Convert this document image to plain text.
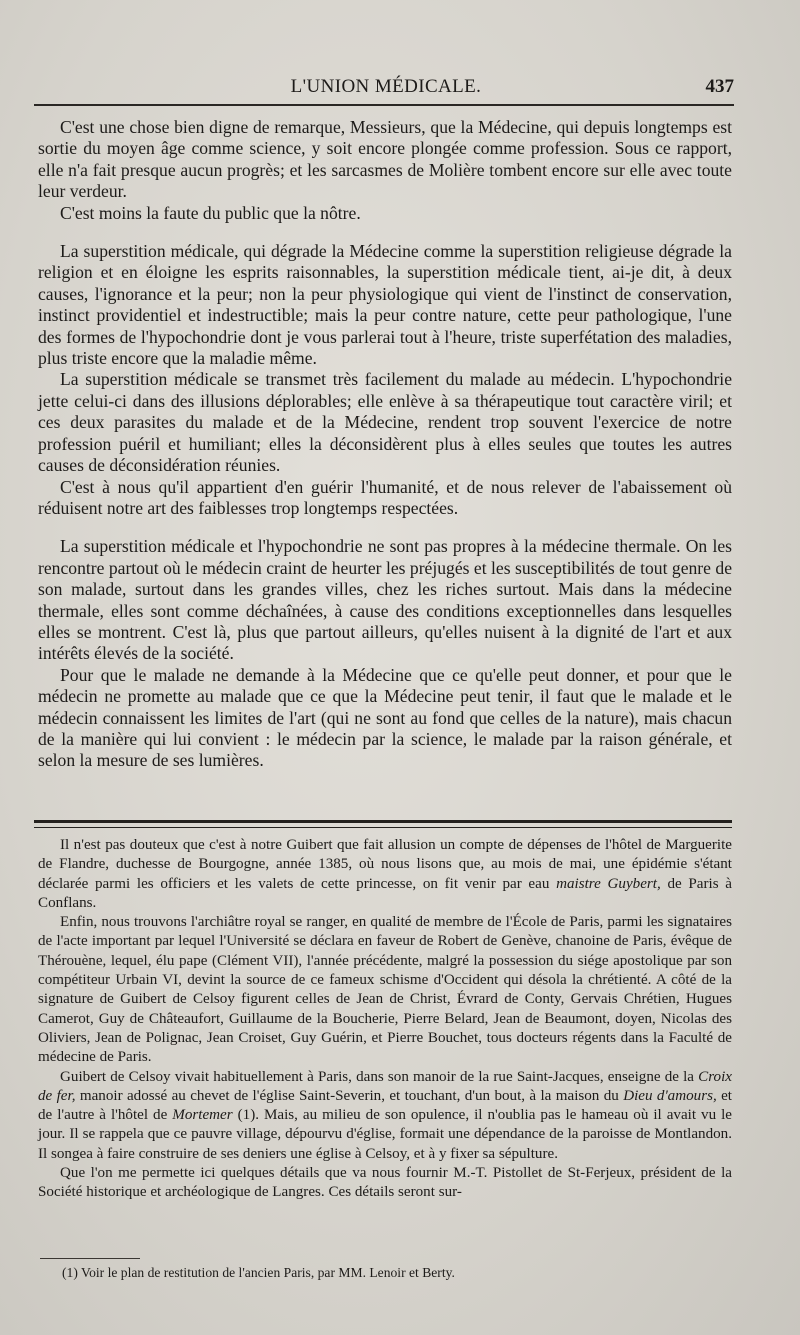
L'UNION MÉDICALE.	437

C'est une chose bien digne de remarque, Messieurs, que la Médecine, qui depuis longtemps est sortie du moyen âge comme science, y soit encore plongée comme profession. Sous ce rapport, elle n'a fait presque aucun progrès; et les sarcasmes de Molière tombent encore sur elle avec toute leur verdeur.

C'est moins la faute du public que la nôtre.

La superstition médicale, qui dégrade la Médecine comme la superstition religieuse dégrade la religion et en éloigne les esprits raisonnables, la superstition médicale tient, ai-je dit, à deux causes, l'ignorance et la peur; non la peur physiologique qui vient de l'instinct de conservation, instinct providentiel et indestructible; mais la peur contre nature, cette peur pathologique, l'une des formes de l'hypochondrie dont je vous parlerai tout à l'heure, triste superfétation des maladies, plus triste encore que la maladie même.

La superstition médicale se transmet très facilement du malade au médecin. L'hypochondrie jette celui-ci dans des illusions déplorables; elle enlève à sa thérapeutique tout caractère viril; et ces deux parasites du malade et de la Médecine, rendent trop souvent l'exercice de notre profession puéril et humiliant; elles la déconsidèrent plus à elles seules que toutes les autres causes de déconsidération réunies.

C'est à nous qu'il appartient d'en guérir l'humanité, et de nous relever de l'abaissement où réduisent notre art des faiblesses trop longtemps respectées.

La superstition médicale et l'hypochondrie ne sont pas propres à la médecine thermale. On les rencontre partout où le médecin craint de heurter les préjugés et les susceptibilités de tout genre de son malade, surtout dans les grandes villes, chez les riches surtout. Mais dans la médecine thermale, elles sont comme déchaînées, à cause des conditions exceptionnelles dans lesquelles elles se montrent. C'est là, plus que partout ailleurs, qu'elles nuisent à la dignité de l'art et aux intérêts élevés de la société.

Pour que le malade ne demande à la Médecine que ce qu'elle peut donner, et pour que le médecin ne promette au malade que ce que la Médecine peut tenir, il faut que le malade et le médecin connaissent les limites de l'art (qui ne sont au fond que celles de la nature), mais chacun de la manière qui lui convient : le médecin par la science, le malade par la raison générale, et selon la mesure de ses lumières.

Il n'est pas douteux que c'est à notre Guibert que fait allusion un compte de dépenses de l'hôtel de Marguerite de Flandre, duchesse de Bourgogne, année 1385, où nous lisons que, au mois de mai, une épidémie s'étant déclarée parmi les officiers et les valets de cette princesse, on fit venir par eau maistre Guybert, de Paris à Conflans.

Enfin, nous trouvons l'archiâtre royal se ranger, en qualité de membre de l'École de Paris, parmi les signataires de l'acte important par lequel l'Université se déclara en faveur de Robert de Genève, chanoine de Paris, évêque de Thérouène, lequel, élu pape (Clément VII), l'année précédente, malgré la possession du siége apostolique par son compétiteur Urbain VI, devint la source de ce fameux schisme d'Occident qui désola la chrétienté. A côté de la signature de Guibert de Celsoy figurent celles de Jean de Christ, Évrard de Conty, Gervais Chrétien, Hugues Camerot, Guy de Châteaufort, Guillaume de la Boucherie, Pierre Belard, Jean de Beaumont, doyen, Nicolas des Oliviers, Jean de Polignac, Jean Croiset, Guy Guérin, et Pierre Bouchet, tous docteurs régents dans la Faculté de médecine de Paris.

Guibert de Celsoy vivait habituellement à Paris, dans son manoir de la rue Saint-Jacques, enseigne de la Croix de fer, manoir adossé au chevet de l'église Saint-Severin, et touchant, d'un bout, à la maison du Dieu d'amours, et de l'autre à l'hôtel de Mortemer (1). Mais, au milieu de son opulence, il n'oublia pas le hameau où il avait vu le jour. Il se rappela que ce pauvre village, dépourvu d'église, formait une dépendance de la paroisse de Montlandon. Il songea à faire construire de ses deniers une église à Celsoy, et à y fixer sa sépulture.

Que l'on me permette ici quelques détails que va nous fournir M.-T. Pistollet de St-Ferjeux, président de la Société historique et archéologique de Langres. Ces détails seront sur-

(1) Voir le plan de restitution de l'ancien Paris, par MM. Lenoir et Berty.
